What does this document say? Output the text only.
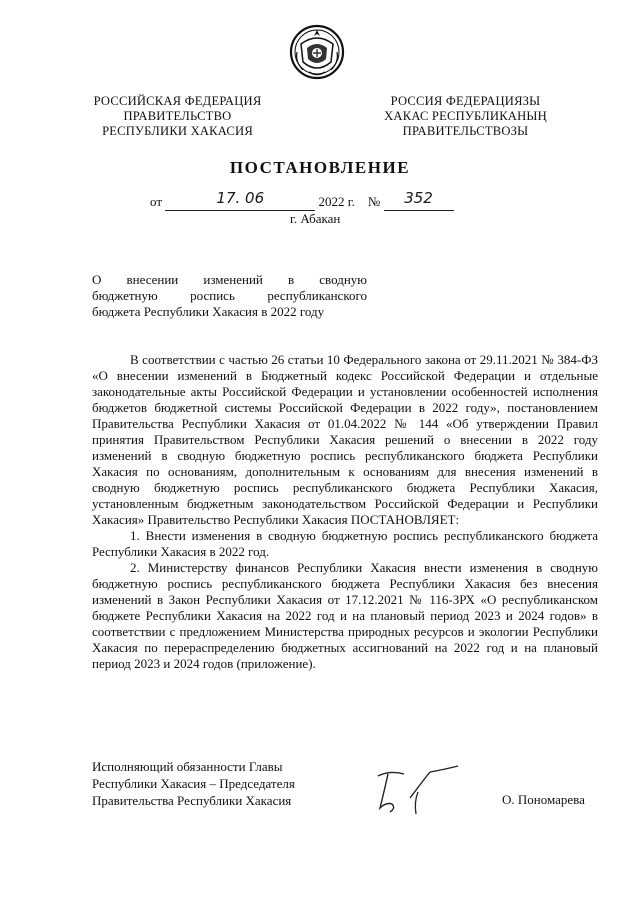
РОССИЙСКАЯ ФЕДЕРАЦИЯ
ПРАВИТЕЛЬСТВО
РЕСПУБЛИКИ ХАКАСИЯ
РОССИЯ ФЕДЕРАЦИЯЗЫ
ХАКАС РЕСПУБЛИКАНЫҢ
ПРАВИТЕЛЬСТВОЗЫ
ПОСТАНОВЛЕНИЕ
от	17. 06	2022 г. № 352
г. Абакан
О внесении изменений в сводную
бюджетную роспись республиканского
бюджета Республики Хакасия в 2022 году

В соответствии с частью 26 статьи 10 Федерального закона от 29.11.2021 № 384-ФЗ «О внесении изменений в Бюджетный кодекс Российской Федерации и отдельные законодательные акты Российской Федерации и установлении особенностей исполнения бюджетов бюджетной системы Российской Федерации в 2022 году», постановлением Правительства Республики Хакасия от 01.04.2022 № 144 «Об утверждении Правил принятия Правительством Республики Хакасия решений о внесении в 2022 году изменений в сводную бюджетную роспись республиканского бюджета Республики Хакасия по основаниям, дополнительным к основаниям для внесения изменений в сводную бюджетную роспись республиканского бюджета Республики Хакасия, установленным бюджетным законодательством Российской Федерации и Республики Хакасия» Правительство Республики Хакасия ПОСТАНОВЛЯЕТ:

1. Внести изменения в сводную бюджетную роспись республиканского бюджета Республики Хакасия в 2022 год.

2. Министерству финансов Республики Хакасия внести изменения в сводную бюджетную роспись республиканского бюджета Республики Хакасия без внесения изменений в Закон Республики Хакасия от 17.12.2021 № 116-ЗРХ «О республиканском бюджете Республики Хакасия на 2022 год и на плановый период 2023 и 2024 годов» в соответствии с предложением Министерства природных ресурсов и экологии Республики Хакасия по перераспределению бюджетных ассигнований на 2022 год и на плановый период 2023 и 2024 годов (приложение).

Исполняющий обязанности Главы
Республики Хакасия – Председателя
Правительства Республики Хакасия	О. Пономарева
